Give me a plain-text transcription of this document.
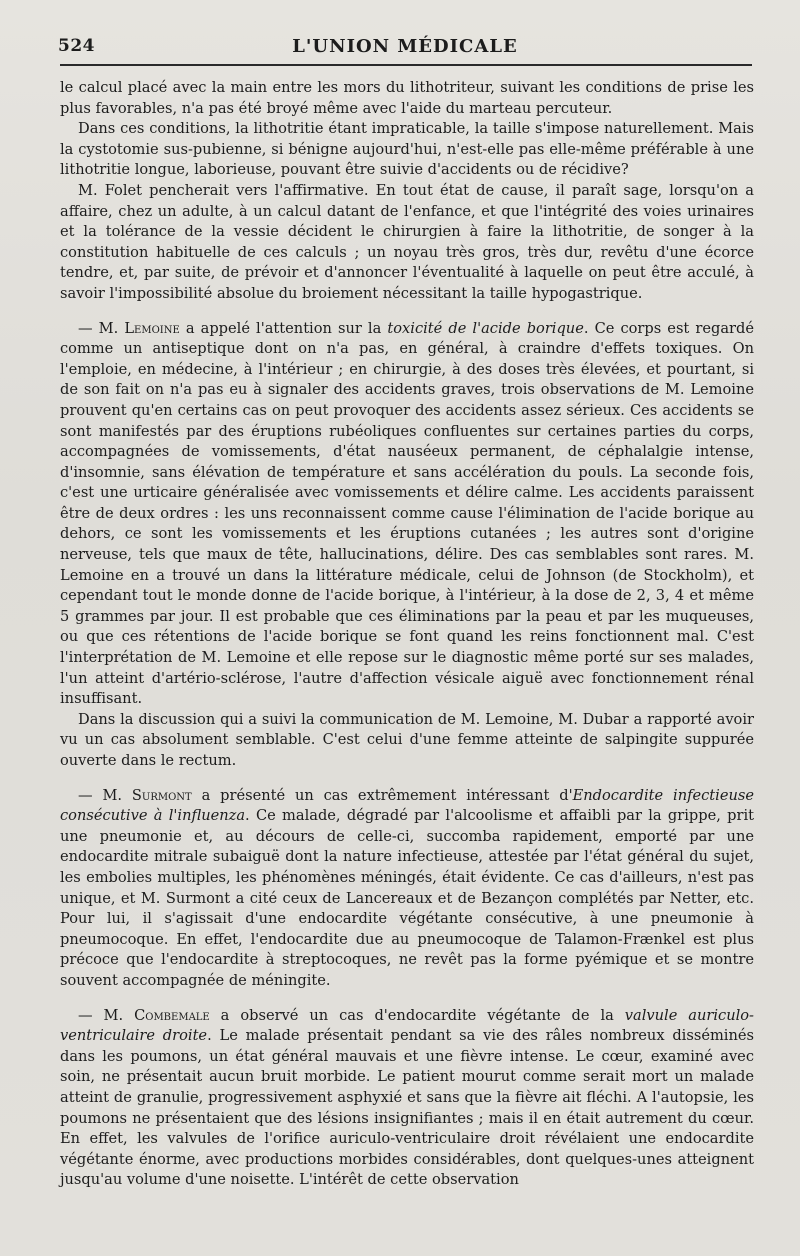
524	L'UNION MÉDICALE

le calcul placé avec la main entre les mors du lithotriteur, suivant les conditions de prise les plus favorables, n'a pas été broyé même avec l'aide du marteau percuteur.

Dans ces conditions, la lithotritie étant impraticable, la taille s'impose naturellement. Mais la cystotomie sus-pubienne, si bénigne aujourd'hui, n'est-elle pas elle-même préférable à une lithotritie longue, laborieuse, pouvant être suivie d'accidents ou de récidive?

M. Folet pencherait vers l'affirmative. En tout état de cause, il paraît sage, lorsqu'on a affaire, chez un adulte, à un calcul datant de l'enfance, et que l'intégrité des voies urinaires et la tolérance de la vessie décident le chirurgien à faire la lithotritie, de songer à la constitution habituelle de ces calculs ; un noyau très gros, très dur, revêtu d'une écorce tendre, et, par suite, de prévoir et d'annoncer l'éventualité à laquelle on peut être acculé, à savoir l'impossibilité absolue du broiement nécessitant la taille hypogastrique.

— M. Lemoine a appelé l'attention sur la toxicité de l'acide borique. Ce corps est regardé comme un antiseptique dont on n'a pas, en général, à craindre d'effets toxiques. On l'emploie, en médecine, à l'intérieur ; en chirurgie, à des doses très élevées, et pourtant, si de son fait on n'a pas eu à signaler des accidents graves, trois observations de M. Lemoine prouvent qu'en certains cas on peut provoquer des accidents assez sérieux. Ces accidents se sont manifestés par des éruptions rubéoliques confluentes sur certaines parties du corps, accompagnées de vomissements, d'état nauséeux permanent, de céphalalgie intense, d'insomnie, sans élévation de température et sans accélération du pouls. La seconde fois, c'est une urticaire généralisée avec vomissements et délire calme. Les accidents paraissent être de deux ordres : les uns reconnaissent comme cause l'élimination de l'acide borique au dehors, ce sont les vomissements et les éruptions cutanées ; les autres sont d'origine nerveuse, tels que maux de tête, hallucinations, délire. Des cas semblables sont rares. M. Lemoine en a trouvé un dans la littérature médicale, celui de Johnson (de Stockholm), et cependant tout le monde donne de l'acide borique, à l'intérieur, à la dose de 2, 3, 4 et même 5 grammes par jour. Il est probable que ces éliminations par la peau et par les muqueuses, ou que ces rétentions de l'acide borique se font quand les reins fonctionnent mal. C'est l'interprétation de M. Lemoine et elle repose sur le diagnostic même porté sur ses malades, l'un atteint d'artério-sclérose, l'autre d'affection vésicale aiguë avec fonctionnement rénal insuffisant.

Dans la discussion qui a suivi la communication de M. Lemoine, M. Dubar a rapporté avoir vu un cas absolument semblable. C'est celui d'une femme atteinte de salpingite suppurée ouverte dans le rectum.

— M. Surmont a présenté un cas extrêmement intéressant d'Endocardite infectieuse consécutive à l'influenza. Ce malade, dégradé par l'alcoolisme et affaibli par la grippe, prit une pneumonie et, au décours de celle-ci, succomba rapidement, emporté par une endocardite mitrale subaiguë dont la nature infectieuse, attestée par l'état général du sujet, les embolies multiples, les phénomènes méningés, était évidente. Ce cas d'ailleurs, n'est pas unique, et M. Surmont a cité ceux de Lancereaux et de Bezançon complétés par Netter, etc. Pour lui, il s'agissait d'une endocardite végétante consécutive, à une pneumonie à pneumocoque. En effet, l'endocardite due au pneumocoque de Talamon-Frænkel est plus précoce que l'endocardite à streptocoques, ne revêt pas la forme pyémique et se montre souvent accompagnée de méningite.

— M. Combemale a observé un cas d'endocardite végétante de la valvule auriculo-ventriculaire droite. Le malade présentait pendant sa vie des râles nombreux disséminés dans les poumons, un état général mauvais et une fièvre intense. Le cœur, examiné avec soin, ne présentait aucun bruit morbide. Le patient mourut comme serait mort un malade atteint de granulie, progressivement asphyxié et sans que la fièvre ait fléchi. A l'autopsie, les poumons ne présentaient que des lésions insignifiantes ; mais il en était autrement du cœur. En effet, les valvules de l'orifice auriculo-ventriculaire droit révélaient une endocardite végétante énorme, avec productions morbides considérables, dont quelques-unes atteignent jusqu'au volume d'une noisette. L'intérêt de cette observation
